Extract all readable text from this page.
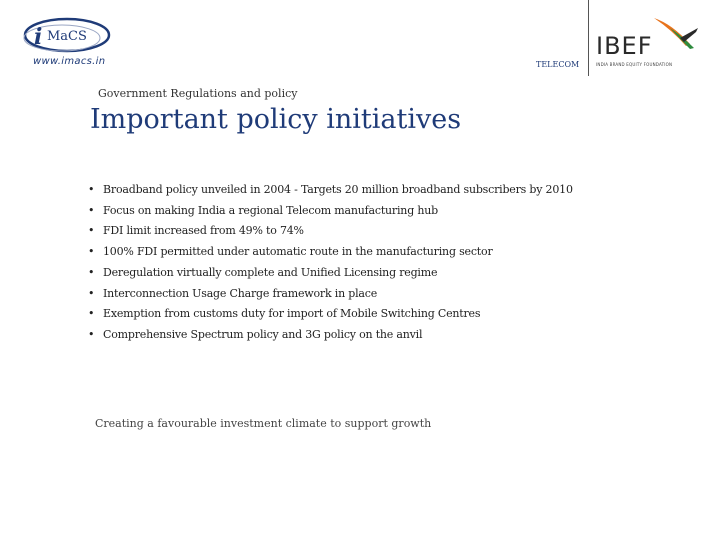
i MaCS
www.imacs.in	TELECOM
IBEF
INDIA BRAND EQUITY FOUNDATION
Government Regulations and policy
Important policy initiatives
• Broadband policy unveiled in 2004 - Targets 20 million broadband subscribers by 2010
• Focus on making India a regional Telecom manufacturing hub
• FDI limit increased from 49% to 74%
• 100% FDI permitted under automatic route in the manufacturing sector
• Deregulation virtually complete and Unified Licensing regime
• Interconnection Usage Charge framework in place
• Exemption from customs duty for import of Mobile Switching Centres
• Comprehensive Spectrum policy and 3G policy on the anvil
Creating a favourable investment climate to support growth
